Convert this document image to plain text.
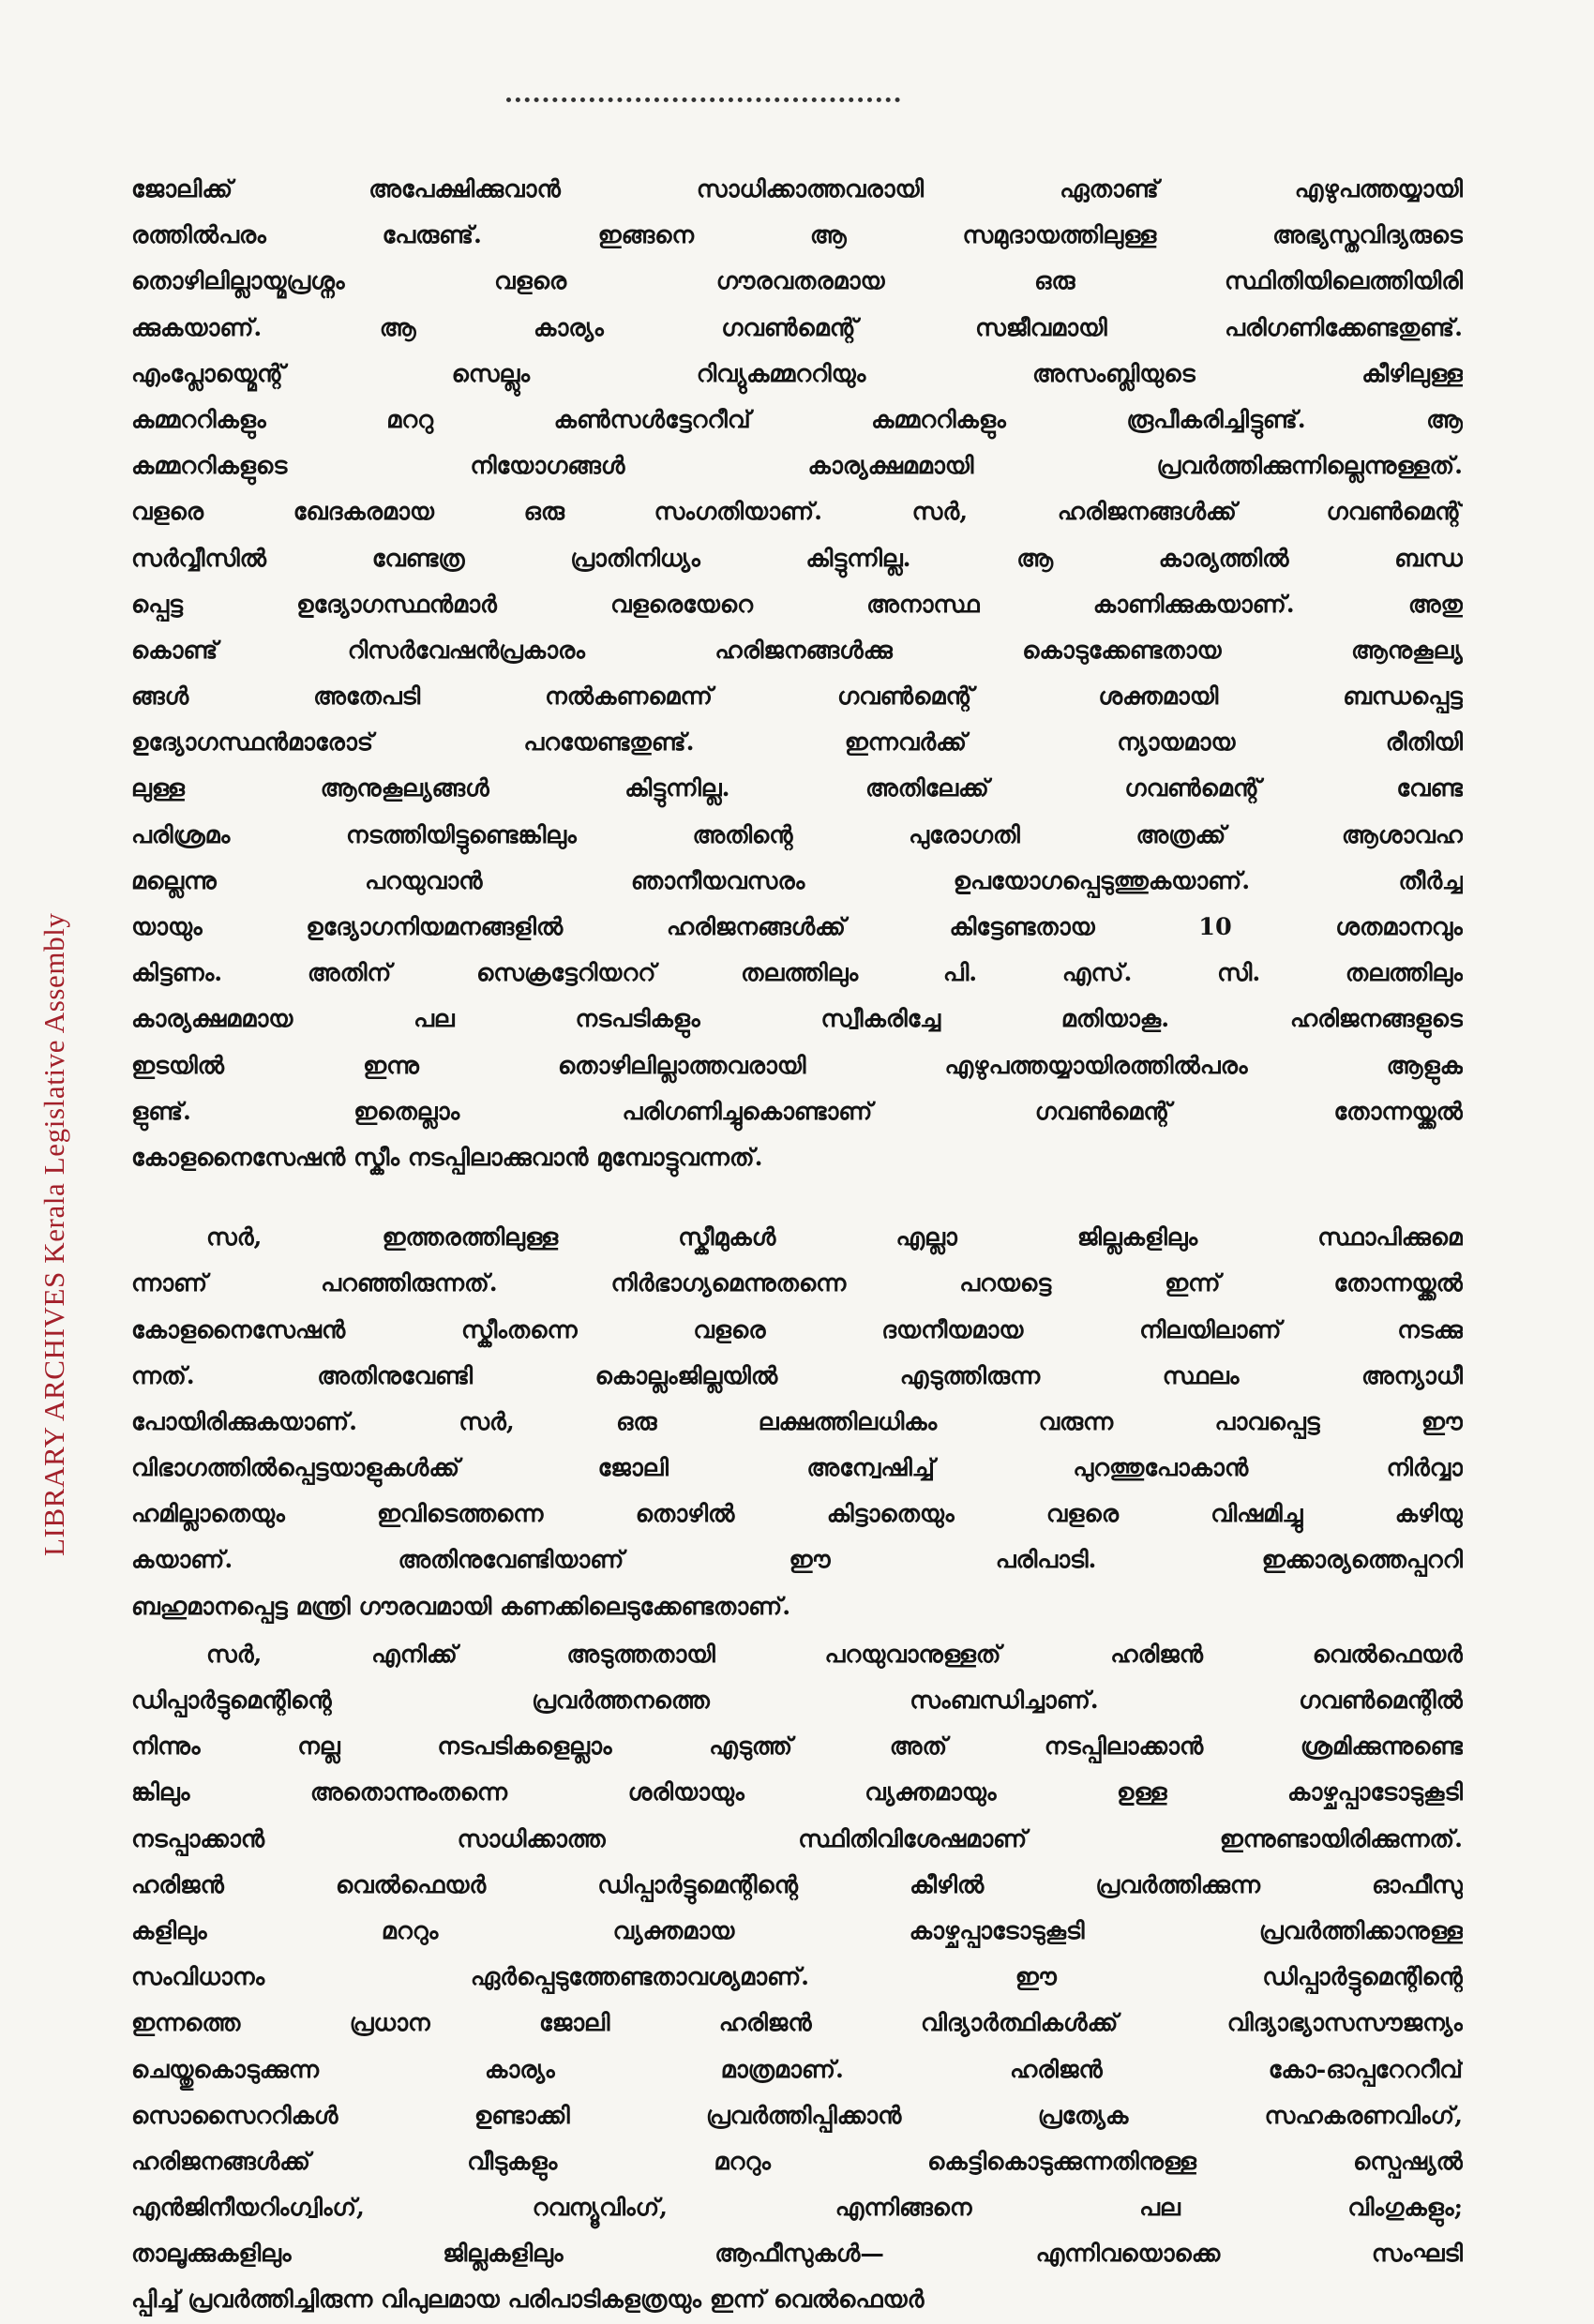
LIBRARY ARCHIVES Kerala Legislative Assembly

ജോലിക്ക് അപേക്ഷിക്കുവാൻ സാധിക്കാത്തവരായി ഏതാണ്ട് എഴുപത്തയ്യായി

രത്തിൽപരം പേരുണ്ട്. ഇങ്ങനെ ആ സമുദായത്തിലുള്ള അഭ്യസ്തവിദ്യരുടെ

തൊഴിലില്ലായ്മപ്രശ്നം വളരെ ഗൗരവതരമായ ഒരു സ്ഥിതിയിലെത്തിയിരി

ക്കുകയാണ്. ആ കാര്യം ഗവൺമെന്റ് സജീവമായി പരിഗണിക്കേണ്ടതുണ്ട്.

എംപ്ലോയ്മെന്റ് സെല്ലും റിവ്യുകമ്മററിയും അസംബ്ലിയുടെ കീഴിലുള്ള

കമ്മററികളും മററു കൺസൾട്ടേററീവ് കമ്മററികളും രൂപീകരിച്ചിട്ടുണ്ട്. ആ

കമ്മററികളുടെ നിയോഗങ്ങൾ കാര്യക്ഷമമായി പ്രവർത്തിക്കുന്നില്ലെന്നുള്ളത്.

വളരെ ഖേദകരമായ ഒരു സംഗതിയാണ്. സർ, ഹരിജനങ്ങൾക്ക് ഗവൺമെന്റ്

സർവ്വീസിൽ വേണ്ടത്ര പ്രാതിനിധ്യം കിട്ടുന്നില്ല. ആ കാര്യത്തിൽ ബന്ധ

പ്പെട്ട ഉദ്യോഗസ്ഥൻമാർ വളരെയേറെ അനാസ്ഥ കാണിക്കുകയാണ്. അതു

കൊണ്ട് റിസർവേഷൻപ്രകാരം ഹരിജനങ്ങൾക്കു കൊടുക്കേണ്ടതായ ആനുകൂല്യ

ങ്ങൾ അതേപടി നൽകണമെന്ന് ഗവൺമെന്റ് ശക്തമായി ബന്ധപ്പെട്ട

ഉദ്യോഗസ്ഥൻമാരോട് പറയേണ്ടതുണ്ട്. ഇന്നവർക്ക് ന്യായമായ രീതിയി

ലുള്ള ആനുകൂല്യങ്ങൾ കിട്ടുന്നില്ല. അതിലേക്ക് ഗവൺമെന്റ് വേണ്ട

പരിശ്രമം നടത്തിയിട്ടുണ്ടെങ്കിലും അതിന്റെ പുരോഗതി അത്രക്ക് ആശാവഹ

മല്ലെന്നു പറയുവാൻ ഞാനീയവസരം ഉപയോഗപ്പെടുത്തുകയാണ്. തീർച്ച

യായും ഉദ്യോഗനിയമനങ്ങളിൽ ഹരിജനങ്ങൾക്ക് കിട്ടേണ്ടതായ 10 ശതമാനവും

കിട്ടണം. അതിന് സെക്രട്ടേറിയററ് തലത്തിലും പി. എസ്. സി. തലത്തിലും

കാര്യക്ഷമമായ പല നടപടികളും സ്വീകരിച്ചേ മതിയാകൂ. ഹരിജനങ്ങളുടെ

ഇടയിൽ ഇന്നു തൊഴിലില്ലാത്തവരായി എഴുപത്തയ്യായിരത്തിൽപരം ആളുക

ളുണ്ട്. ഇതെല്ലാം പരിഗണിച്ചുകൊണ്ടാണ് ഗവൺമെന്റ് തോന്നയ്ക്കൽ

കോളനൈസേഷൻ സ്കീം നടപ്പിലാക്കുവാൻ മുമ്പോട്ടുവന്നത്.

സർ, ഇത്തരത്തിലുള്ള സ്കീമുകൾ എല്ലാ ജില്ലകളിലും സ്ഥാപിക്കുമെ

ന്നാണ് പറഞ്ഞിരുന്നത്. നിർഭാഗ്യമെന്നുതന്നെ പറയട്ടെ ഇന്ന് തോന്നയ്ക്കൽ

കോളനൈസേഷൻ സ്കീംതന്നെ വളരെ ദയനീയമായ നിലയിലാണ് നടക്കു

ന്നത്. അതിനുവേണ്ടി കൊല്ലംജില്ലയിൽ എടുത്തിരുന്ന സ്ഥലം അന്യാധീ

പോയിരിക്കുകയാണ്. സർ, ഒരു ലക്ഷത്തിലധികം വരുന്ന പാവപ്പെട്ട ഈ

വിഭാഗത്തിൽപ്പെട്ടയാളുകൾക്ക് ജോലി അന്വേഷിച്ച് പുറത്തുപോകാൻ നിർവ്വാ

ഹമില്ലാതെയും ഇവിടെത്തന്നെ തൊഴിൽ കിട്ടാതെയും വളരെ വിഷമിച്ചു കഴിയു

കയാണ്. അതിനുവേണ്ടിയാണ് ഈ പരിപാടി. ഇക്കാര്യത്തെപ്പററി

ബഹുമാനപ്പെട്ട മന്ത്രി ഗൗരവമായി കണക്കിലെടുക്കേണ്ടതാണ്.

സർ, എനിക്ക് അടുത്തതായി പറയുവാനുള്ളത് ഹരിജൻ വെൽഫെയർ

ഡിപ്പാർട്ടുമെന്റിന്റെ പ്രവർത്തനത്തെ സംബന്ധിച്ചാണ്. ഗവൺമെന്റിൽ

നിന്നും നല്ല നടപടികളെല്ലാം എടുത്ത് അത് നടപ്പിലാക്കാൻ ശ്രമിക്കുന്നുണ്ടെ

ങ്കിലും അതൊന്നുംതന്നെ ശരിയായും വ്യക്തമായും ഉള്ള കാഴ്ചപ്പാടോടുകൂടി

നടപ്പാക്കാൻ സാധിക്കാത്ത സ്ഥിതിവിശേഷമാണ് ഇന്നുണ്ടായിരിക്കുന്നത്.

ഹരിജൻ വെൽഫെയർ ഡിപ്പാർട്ടുമെന്റിന്റെ കീഴിൽ പ്രവർത്തിക്കുന്ന ഓഫീസു

കളിലും മററും വ്യക്തമായ കാഴ്ചപ്പാടോടുകൂടി പ്രവർത്തിക്കാനുള്ള

സംവിധാനം ഏർപ്പെടുത്തേണ്ടതാവശ്യമാണ്. ഈ ഡിപ്പാർട്ടുമെന്റിന്റെ

ഇന്നത്തെ പ്രധാന ജോലി ഹരിജൻ വിദ്യാർത്ഥികൾക്ക് വിദ്യാഭ്യാസസൗജന്യം

ചെയ്തുകൊടുക്കുന്ന കാര്യം മാത്രമാണ്. ഹരിജൻ കോ-ഓപ്പറേററീവ്

സൊസൈററികൾ ഉണ്ടാക്കി പ്രവർത്തിപ്പിക്കാൻ പ്രത്യേക സഹകരണവിംഗ്,

ഹരിജനങ്ങൾക്ക് വീടുകളും മററും കെട്ടികൊടുക്കുന്നതിനുള്ള സ്പെഷ്യൽ

എൻജിനീയറിംഗ്വിംഗ്, റവന്യൂവിംഗ്, എന്നിങ്ങനെ പല വിംഗുകളും;

താലൂക്കുകളിലും ജില്ലകളിലും ആഫീസുകൾ— എന്നിവയൊക്കെ സംഘടി

പ്പിച്ച് പ്രവർത്തിച്ചിരുന്ന വിപുലമായ പരിപാടികളത്രയും ഇന്ന് വെൽഫെയർ
